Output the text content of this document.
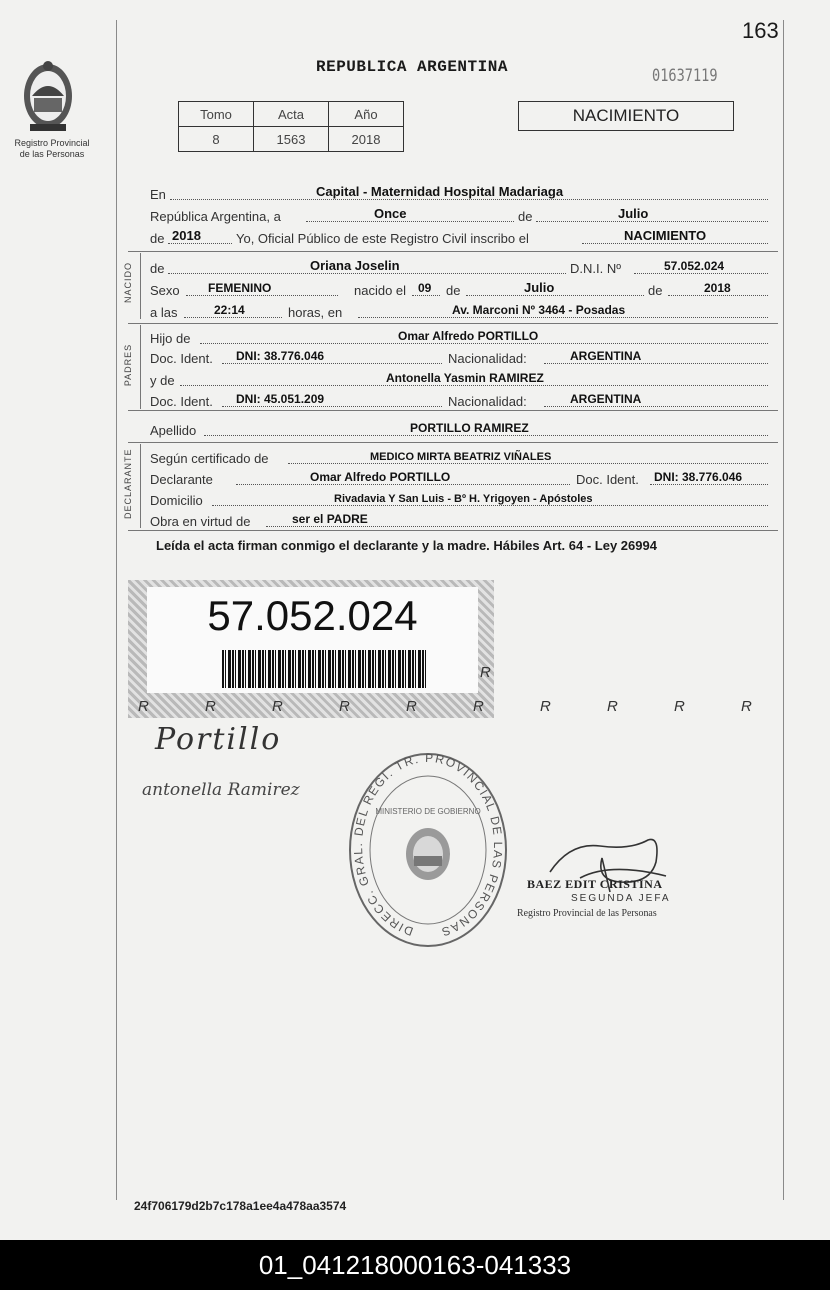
163
Registro Provincial
de las Personas
REPUBLICA ARGENTINA	01637119
Tomo	Acta	Año
8	1563	2018
NACIMIENTO
En	Capital - Maternidad Hospital Madariaga
República Argentina, a	Once	de	Julio
de 2018	Yo, Oficial Público de este Registro Civil inscribo el	NACIMIENTO
NACIDO de	Oriana Joselin	D.N.I. Nº	57.052.024
Sexo FEMENINO	nacido el 09 de	Julio	de	2018
a las	22:14	horas, en	Av. Marconi Nº 3464 - Posadas
PADRES
Hijo de	Omar Alfredo PORTILLO
Doc. Ident. DNI: 38.776.046	Nacionalidad:	ARGENTINA
y de	Antonella Yasmin RAMIREZ
Doc. Ident. DNI: 45.051.209	Nacionalidad:	ARGENTINA
Apellido	PORTILLO RAMIREZ
DECLARANTE Según certificado de	MEDICO MIRTA BEATRIZ VIÑALES
Declarante	Omar Alfredo PORTILLO	Doc. Ident. DNI: 38.776.046
Domicilio	Rivadavia Y San Luis - Bº H. Yrigoyen - Apóstoles
Obra en virtud de	ser el PADRE
Leída el acta firman conmigo el declarante y la madre. Hábiles Art. 64 - Ley 26994
57.052.024
R R R R R R R R R R
R
Portillo
antonella Ramirez
DIRECC. GRAL. DEL REGI. TR. PROVINCIAL DE LAS PERSONAS
MINISTERIO DE GOBIERNO
BAEZ EDIT CRISTINA
SEGUNDA JEFA
Registro Provincial de las Personas
24f706179d2b7c178a1ee4a478aa3574
01_041218000163-041333
